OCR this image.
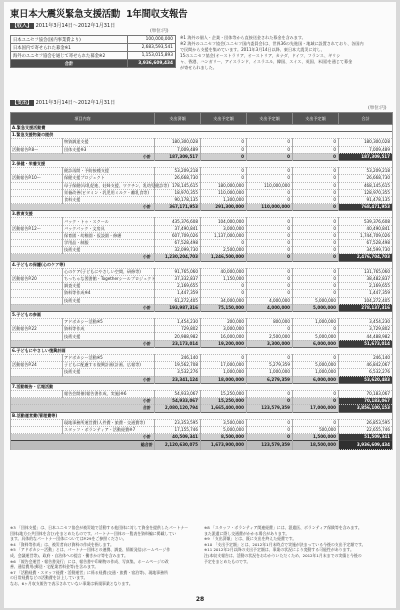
東日本大震災緊急支援活動 1年間収支報告
【収入】 2011年3月14日〜2012年1月31日
(単位:円)
日本ユニセフ協会(国内事業費より)	100,000,000
日本国内で寄せられた募金※1	2,683,593,541
海外のユニセフ協会を通じて寄せられた募金※2	1,153,015,893
合計	3,936,609,434

※1 海外の個人・企業・団体等から直接送金された募金を含みます。

※2 海外のユニセフ協会(ユニセフ国内委員会)は、世界36の先進国・地域に設置されており、各国内

で民間から支援を集めています。2011年3月14日以降、東日本大震災に対し、

15のユニセフ協会(オーストラリア、オーストリア、カナダ、ドイツ、フランス、ギリシ

ャ、香港、ハンガリー、アイスランド、イスラエル、韓国、スイス、英国、米国)を通じて募金

が寄せられました。

【支出】 2011年3月14日〜2012年1月31日
(単位:円)
項目内容		支出済額	支出予定額	支出予定額	支出予定額	合計
A.緊急支援活動費						
1.緊急支援物資の提供						
	物資調達支援	180,300,028	0	0	0	180,300,028
活動報告P.8〜	団体支援※3	7,009,489	0	0	0	7,009,489
小計		187,309,517	0	0	0	187,309,517
2.保健・栄養支援						
	健診再開・予防接種支援	53,209,218	0	0	0	53,209,218
活動報告P.10〜	保健支援プロジェクト	26,668,730	0	0	0	26,668,730
	母子保健(母乳促進、妊婦支援、ワクチン、乳幼児健診等)	178,145,615	180,000,000	110,000,000	0	468,145,615
	栄養改善(ビタミン・乳児用ミルク・離乳食等)	18,970,355	110,000,000	0	0	128,970,355
	食料支援	90,178,135	1,300,000	0	0	91,478,135
小計		367,171,953	291,300,000	110,000,000	0	768,471,953
3.教育支援						
	バック・トゥ・スクール	435,376,608	104,000,000	0	0	539,376,608
活動報告P.12〜	バックパック・文房具	37,490,841	3,000,000	0	0	40,490,841
	保育園・幼稚園・仮設園・修繕	607,709,026	1,137,000,000	0	0	1,744,709,026
	学用品・制服	67,528,498	0	0	0	67,528,498
	技術支援	32,099,730	2,500,000	0	0	34,599,730
小計		1,230,204,703	1,246,500,000	0	0	2,476,704,703
4.子どもの保護(心のケア等)						
	心のケア(子どもにやさしい空間、研修等)	91,765,060	40,000,000	0	0	131,765,060
活動報告P.20	ちっちゃな図書館・Togetherシールプロジェクト	37,332,837	1,150,000	0	0	38,482,837
	調査支援	2,169,655	0	0	0	2,169,655
	資料等作成※4	1,447,359	0	0	0	1,447,359
	技術支援	61,272,405	34,000,000	4,000,000	5,000,000	104,272,405
小計		193,987,316	75,150,000	4,000,000	5,000,000	278,137,316
5.子どもの参画						
	アドボカシー活動※5	1,454,230	200,000	800,000	1,000,000	3,454,230
活動報告P.22	資料等作成	729,802	3,000,000	0	0	3,729,802
	技術支援	20,988,982	16,000,000	2,500,000	5,000,000	44,488,982
小計		23,173,014	19,200,000	3,300,000	6,000,000	51,673,014
6.子どもにやさしい復興計画						
	アドボカシー活動※5	246,140	0	0	0	246,140
活動報告P.24	子どもに配慮する復興計画(計画、広報等)	19,562,708	17,000,000	5,279,359	5,000,000	46,842,067
	技術支援	3,532,276	1,000,000	1,000,000	1,000,000	6,532,276
小計		23,341,124	18,000,000	6,279,359	6,000,000	53,620,483
7.活動報告・広報活動						
	報告会開催(報告書作成、実施)※6	54,933,067	15,250,000	0	0	70,183,067
小計		54,933,067	15,250,000	0	0	70,183,067
合計		2,080,120,794	1,665,400,000	123,579,359	17,000,000	3,856,100,153
B.活動運営費(管理費等)						
	現地事務所運営費(人件費・旅費・交通費等)	23,353,595	3,500,000	0	0	26,853,595
	スタッフ・ボランティア・活動経費※7	17,155,746	5,000,000	0	500,000	22,655,746
小計		40,509,341	8,500,000	0	1,500,000	51,509,341
総合計		2,120,630,075	1,673,900,000	123,579,359	18,500,000	3,936,609,434

※3 「団体支援」は、日本ユニセフ協会が被災地で活動する他団体に対して資金を提供したパートナー

団体(地方公共団体を含む)をまとめたものです。パートナー団体の一覧表を資料編に掲載してい

ます。具体的なパートナー団体についてはP.29をご参照ください。

※4 「資料等作成」は、被災者向け資料の作成を指します。

※5 「アドボカシー活動」とは、パートナー団体との連携、調査、情報発信(ホームページ作

成、会議運営等)、政府・自治体への提言・働きかけ等を含みます。

※6 「報告会運営・報告書発行」には、報告書や印刷物の作成、写真集、ホームページの改

善、通信費用(郵送・宅配業者料金等)を含みます。

※7 「活動経費・スタッフ経費・活動運営」に係る経費(交通・旅費・宿泊等)、現地事務所

の日常経費などの活動費を計上しています。

なお、6ヶ月収支報告で表示されていない事業は新規事業となります。

※8 「スタッフ・ボランティア関連経費」には、派遣医、ボランティア保険等を含みます。

また派遣に際し交通費がかかる場合があります。

※9 「支出済額」とは、既に支出を終えた経費です。

※10 「支出予定額」とは、2012年1月末時点で実施が決まっている今後の支出予定額です。

※11 2012年2月以降の支出予定額は、事業の状況により変動する可能性があります。

注)本収支報告は、活動の状況をおわかりいただくため、2012年1月末までの実績と今後の

予定をまとめたものです。

28
